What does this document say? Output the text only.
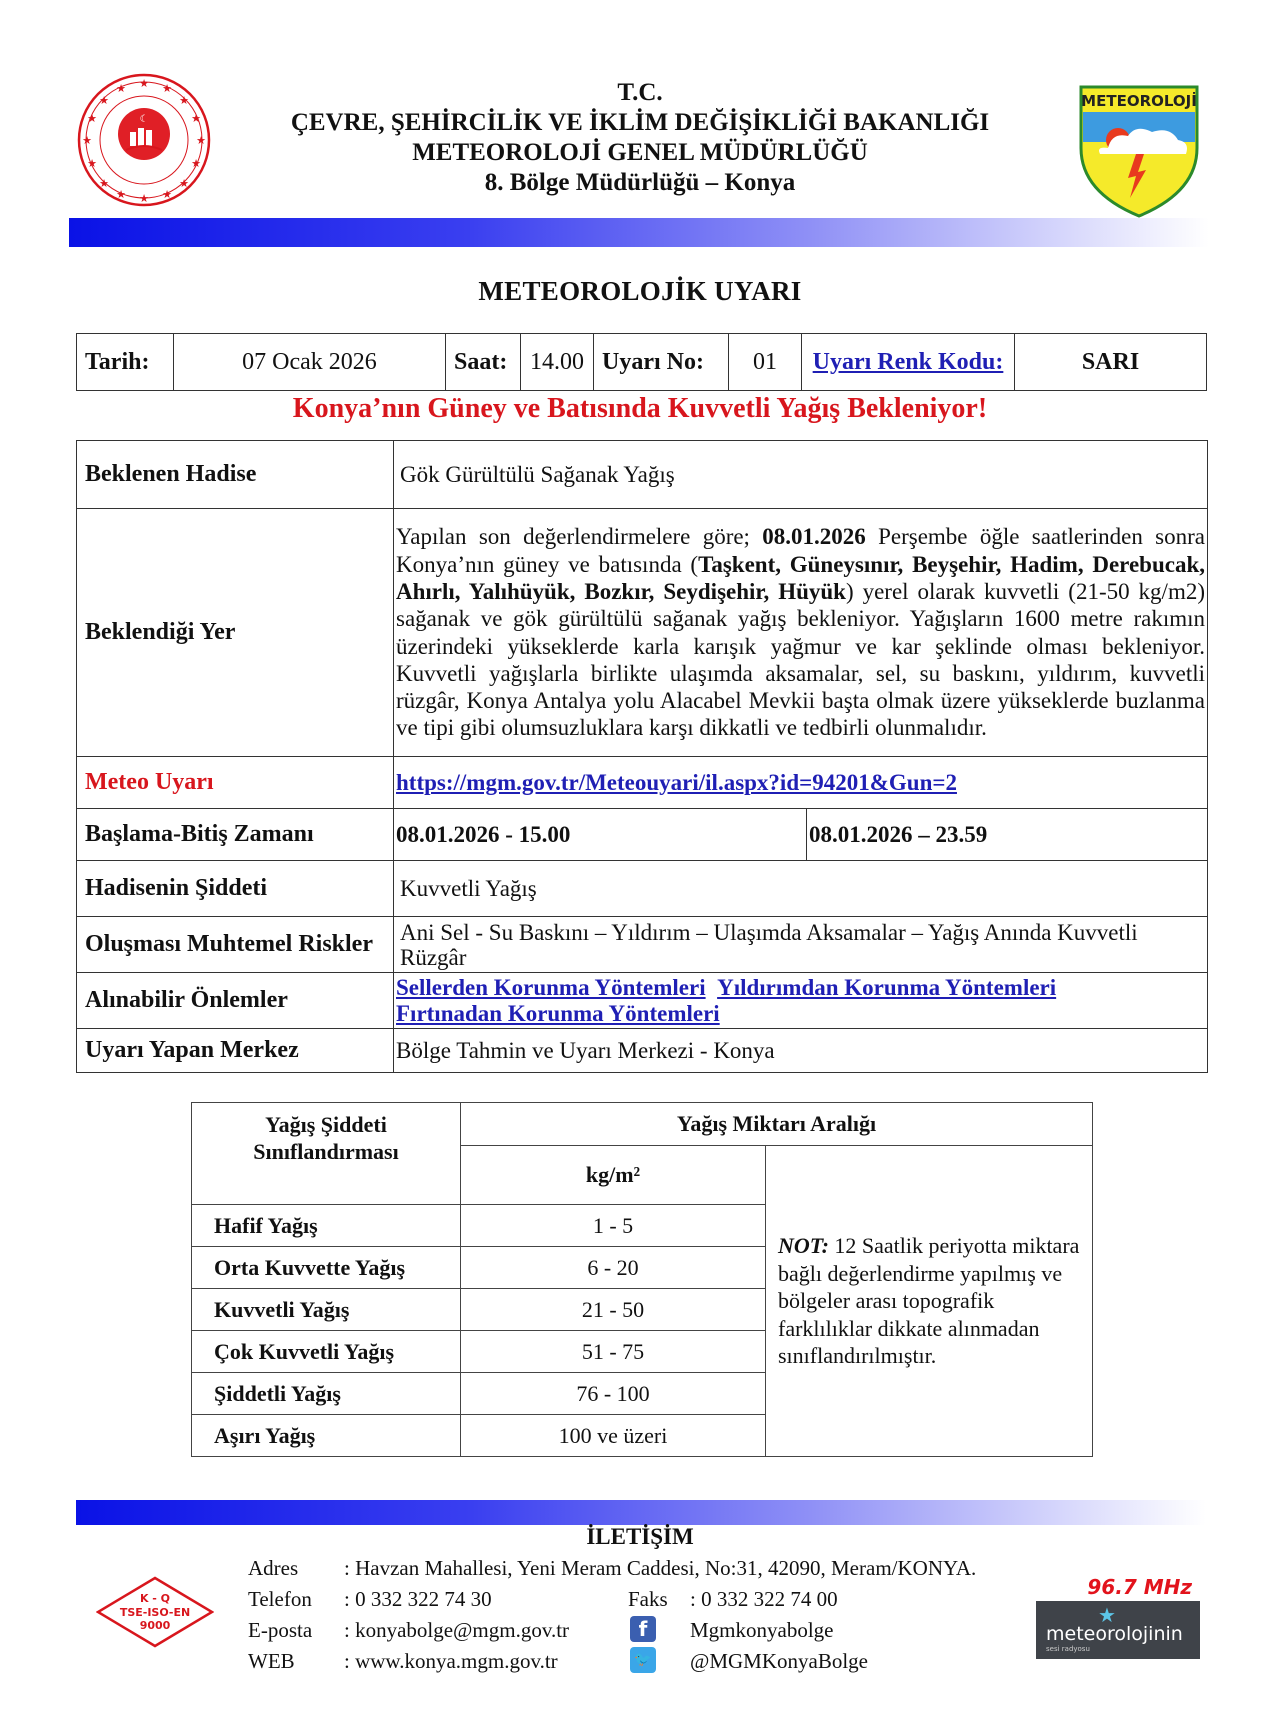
★
★
★	★
★	★
★	★
★	★
★	★
★	★
★	★
☾
T.C.
ÇEVRE, ŞEHİRCİLİK VE İKLİM DEĞİŞİKLİĞİ BAKANLIĞI
METEOROLOJİ GENEL MÜDÜRLÜĞÜ
8. Bölge Müdürlüğü – Konya
METEOROLOJİ
METEOROLOJİK UYARI
Tarih:	07 Ocak 2026	Saat:	14.00	Uyarı No:	01	Uyarı Renk Kodu:	SARI
Konya’nın Güney ve Batısında Kuvvetli Yağış Bekleniyor!
Beklenen Hadise	Gök Gürültülü Sağanak Yağış	
Beklendiği Yer	Yapılan son değerlendirmelere göre; 08.01.2026 Perşembe öğle saatlerinden sonra Konya’nın güney ve batısında (Taşkent, Güneysınır, Beyşehir, Hadim, Derebucak, Ahırlı, Yalıhüyük, Bozkır, Seydişehir, Hüyük) yerel olarak kuvvetli (21-50 kg/m2) sağanak ve gök gürültülü sağanak yağış bekleniyor. Yağışların 1600 metre rakımın üzerindeki yükseklerde karla karışık yağmur ve kar şeklinde olması bekleniyor. Kuvvetli yağışlarla birlikte ulaşımda aksamalar, sel, su baskını, yıldırım, kuvvetli rüzgâr, Konya Antalya yolu Alacabel Mevkii başta olmak üzere yükseklerde buzlanma ve tipi gibi olumsuzluklara karşı dikkatli ve tedbirli olunmalıdır.	
Meteo Uyarı	https://mgm.gov.tr/Meteouyari/il.aspx?id=94201&Gun=2	
Başlama-Bitiş Zamanı	08.01.2026 - 15.00	08.01.2026 – 23.59
Hadisenin Şiddeti	Kuvvetli Yağış	
Oluşması Muhtemel Riskler	Ani Sel - Su Baskını – Yıldırım – Ulaşımda Aksamalar – Yağış Anında Kuvvetli Rüzgâr	
Alınabilir Önlemler	Sellerden Korunma Yöntemleri Yıldırımdan Korunma Yöntemleri
Fırtınadan Korunma Yöntemleri	
Uyarı Yapan Merkez	Bölge Tahmin ve Uyarı Merkezi - Konya	
Yağış Şiddeti Sınıflandırması	Yağış Miktarı Aralığı	
	kg/m²	NOT: 12 Saatlik periyotta miktara bağlı değerlendirme yapılmış ve bölgeler arası topografik farklılıklar dikkate alınmadan sınıflandırılmıştır.
Hafif Yağış	1 - 5	
Orta Kuvvette Yağış	6 - 20	
Kuvvetli Yağış	21 - 50	
Çok Kuvvetli Yağış	51 - 75	
Şiddetli Yağış	76 - 100	
Aşırı Yağış	100 ve üzeri	
İLETİŞİM
K - Q
TSE-ISO-EN
9000
Adres : Havzan Mahallesi, Yeni Meram Caddesi, No:31, 42090, Meram/KONYA.
Telefon : 0 332 322 74 30	Faks : 0 332 322 74 00
E-posta : konyabolge@mgm.gov.tr	f	Mgmkonyabolge
WEB : www.konya.mgm.gov.tr	🐦 @MGMKonyaBolge
96.7 MHz
★
meteorolojinin
sesi radyosu
